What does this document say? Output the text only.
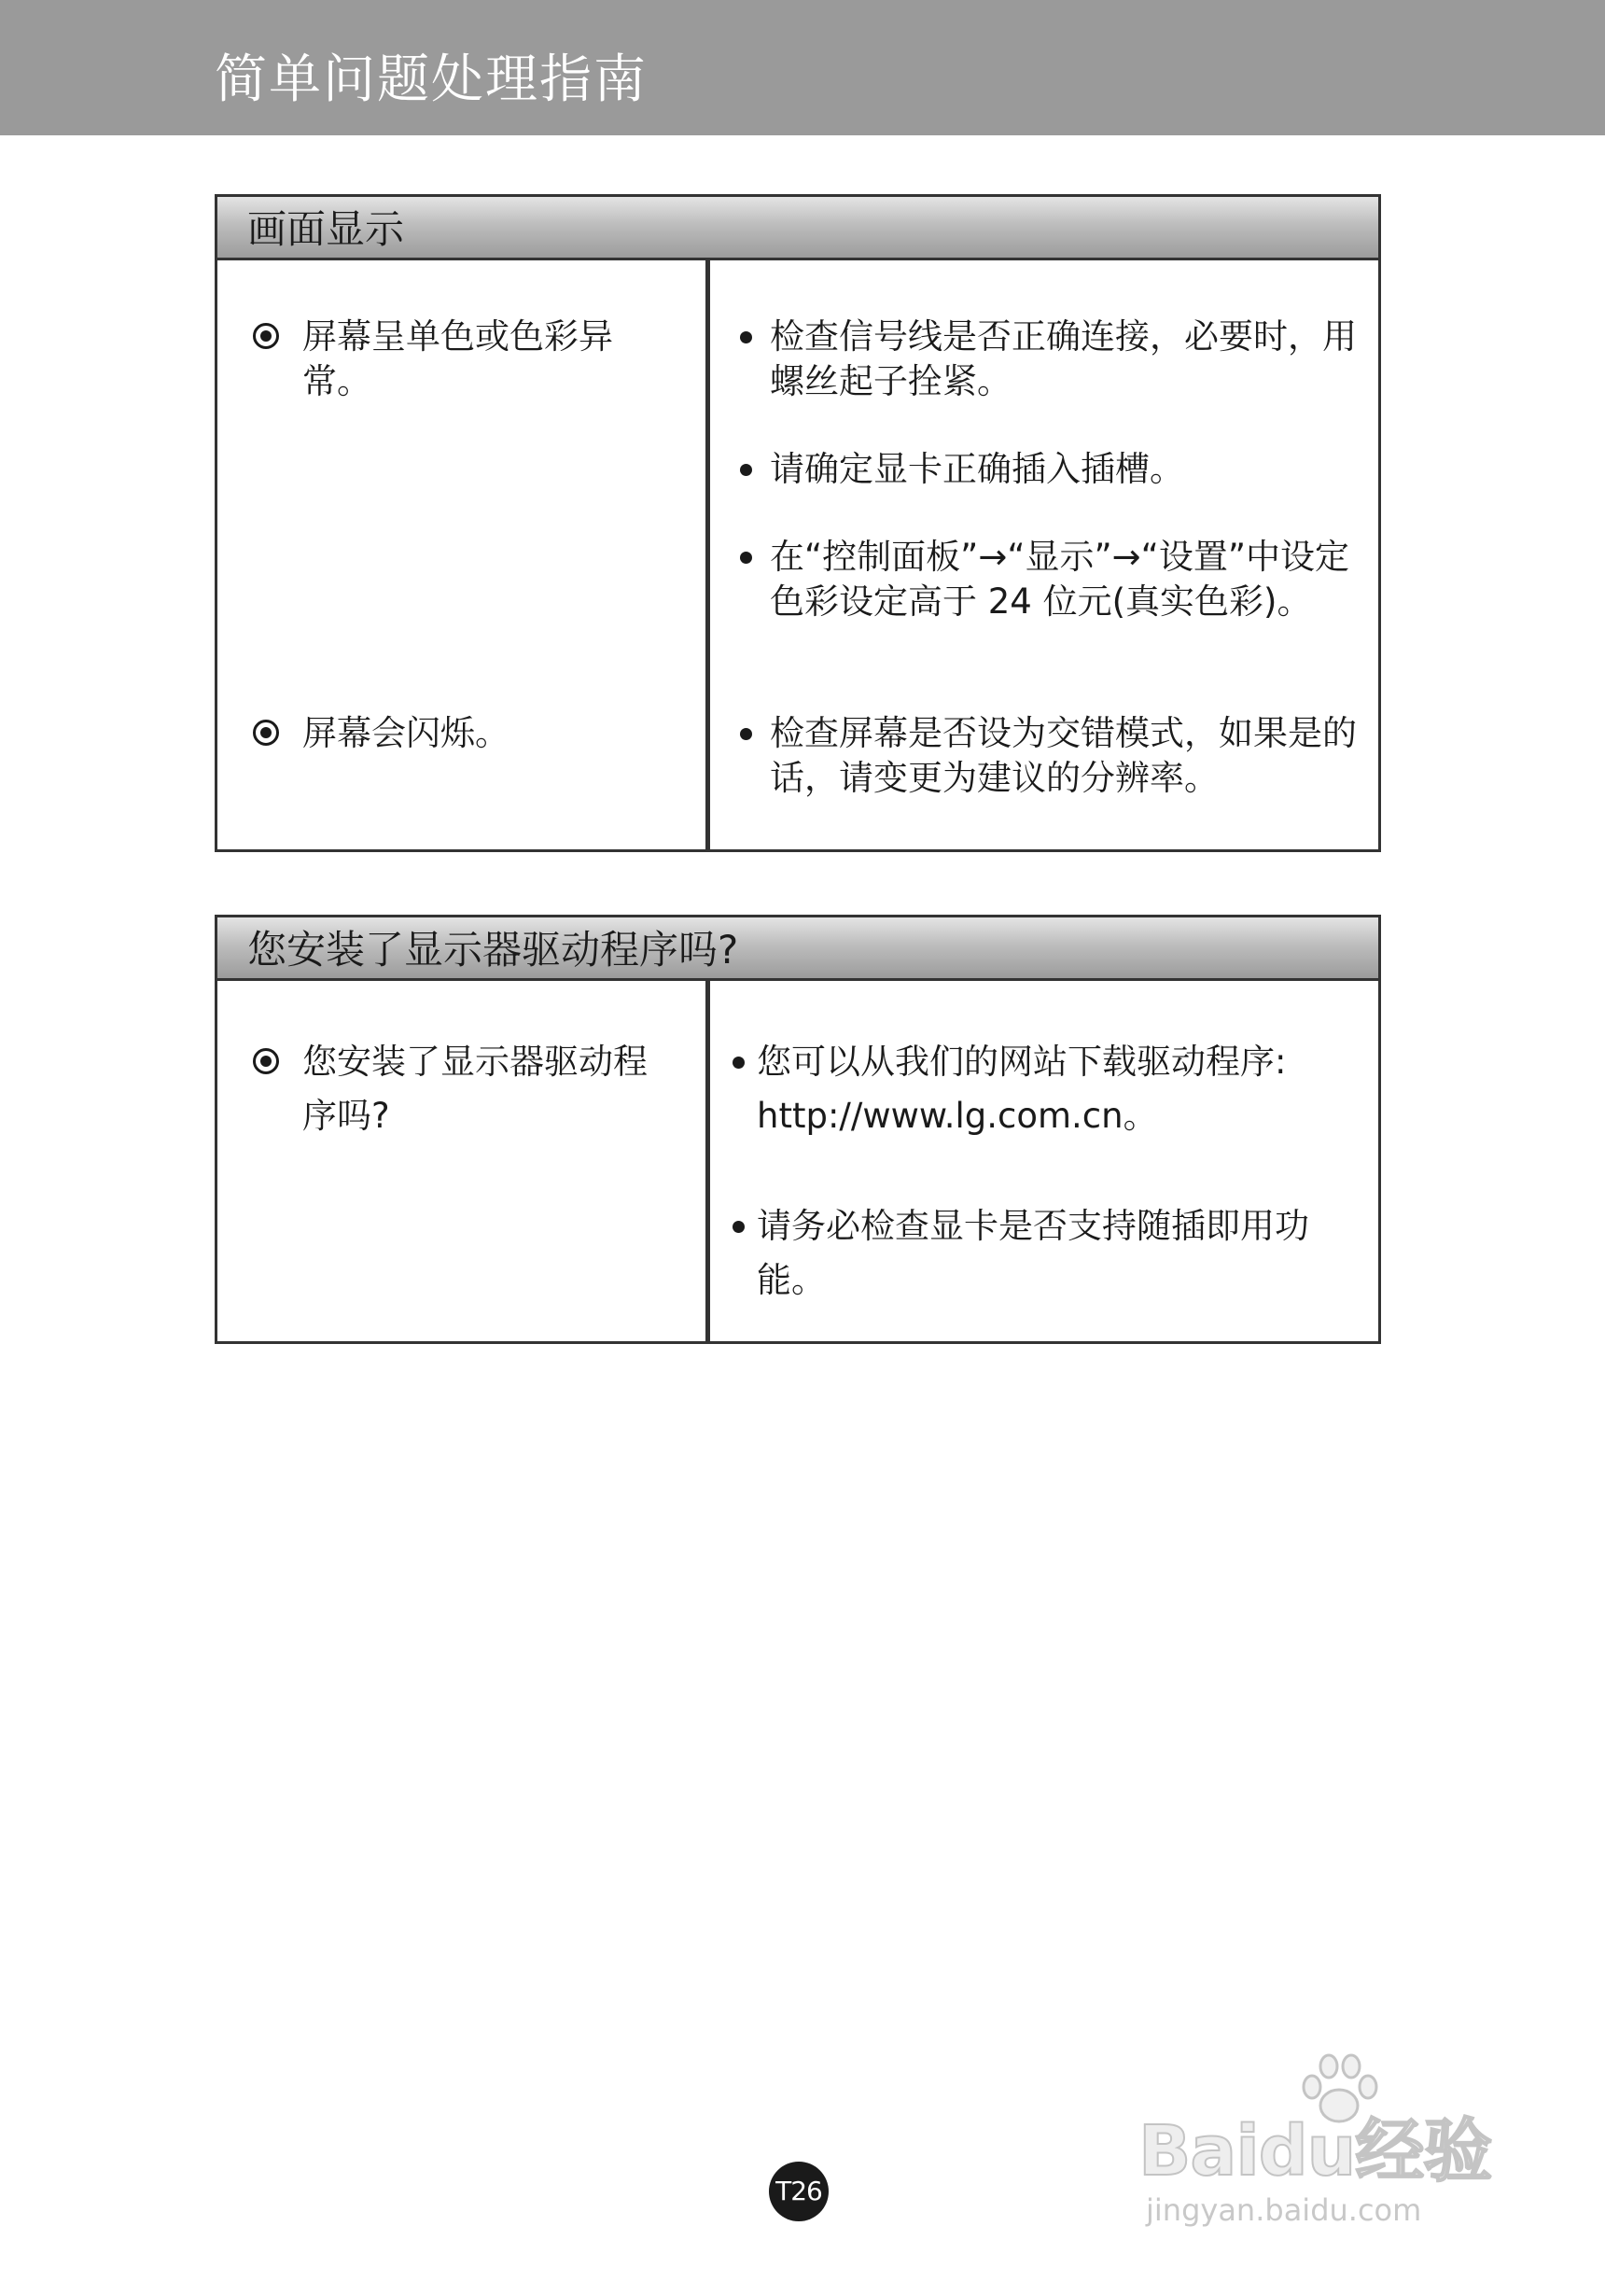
简单问题处理指南
画面显示
屏幕呈单色或色彩异常。
屏幕会闪烁。
检查信号线是否正确连接，必要时，用螺丝起子拴紧。
请确定显卡正确插入插槽。
在“控制面板”→“显示”→“设置”中设定色彩设定高于 24 位元(真实色彩)。
检查屏幕是否设为交错模式，如果是的话，请变更为建议的分辨率。
您安装了显示器驱动程序吗?
您安装了显示器驱动程序吗?
您可以从我们的网站下载驱动程序: http://www.lg.com.cn。
请务必检查显卡是否支持随插即用功能。
T26	Baidu经验
jingyan.baidu.com
